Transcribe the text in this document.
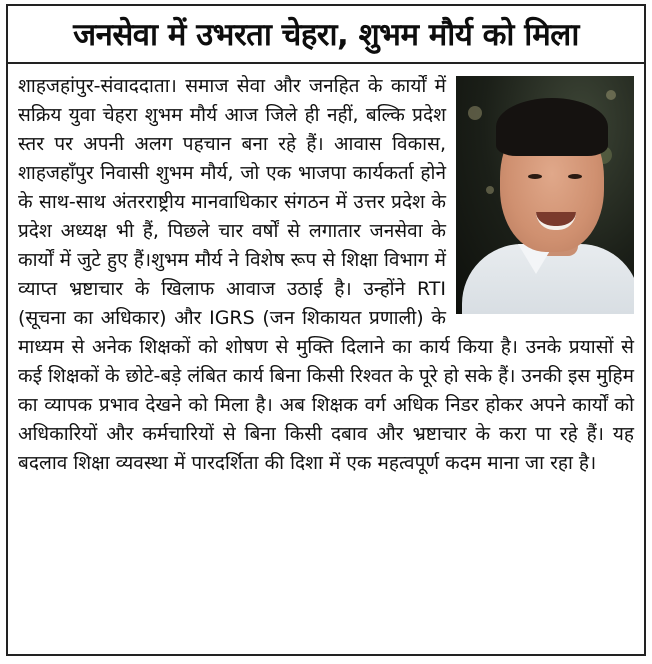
जनसेवा में उभरता चेहरा, शुभम मौर्य को मिला

शाहजहांपुर-संवाददाता। समाज सेवा और जनहित के कार्यों में सक्रिय युवा चेहरा शुभम मौर्य आज जिले ही नहीं, बल्कि प्रदेश स्तर पर अपनी अलग पहचान बना रहे हैं। आवास विकास, शाहजहाँपुर निवासी शुभम मौर्य, जो एक भाजपा कार्यकर्ता होने के साथ-साथ अंतरराष्ट्रीय मानवाधिकार संगठन में उत्तर प्रदेश के प्रदेश अध्यक्ष भी हैं, पिछले चार वर्षों से लगातार जनसेवा के कार्यों में जुटे हुए हैं।शुभम मौर्य ने विशेष रूप से शिक्षा विभाग में व्याप्त भ्रष्टाचार के खिलाफ आवाज उठाई है। उन्होंने RTI (सूचना का अधिकार) और IGRS (जन शिकायत प्रणाली) के माध्यम से अनेक शिक्षकों को शोषण से मुक्ति दिलाने का कार्य किया है। उनके प्रयासों से कई शिक्षकों के छोटे-बड़े लंबित कार्य बिना किसी रिश्वत के पूरे हो सके हैं। उनकी इस मुहिम का व्यापक प्रभाव देखने को मिला है। अब शिक्षक वर्ग अधिक निडर होकर अपने कार्यों को अधिकारियों और कर्मचारियों से बिना किसी दबाव और भ्रष्टाचार के करा पा रहे हैं। यह बदलाव शिक्षा व्यवस्था में पारदर्शिता की दिशा में एक महत्वपूर्ण कदम माना जा रहा है।
